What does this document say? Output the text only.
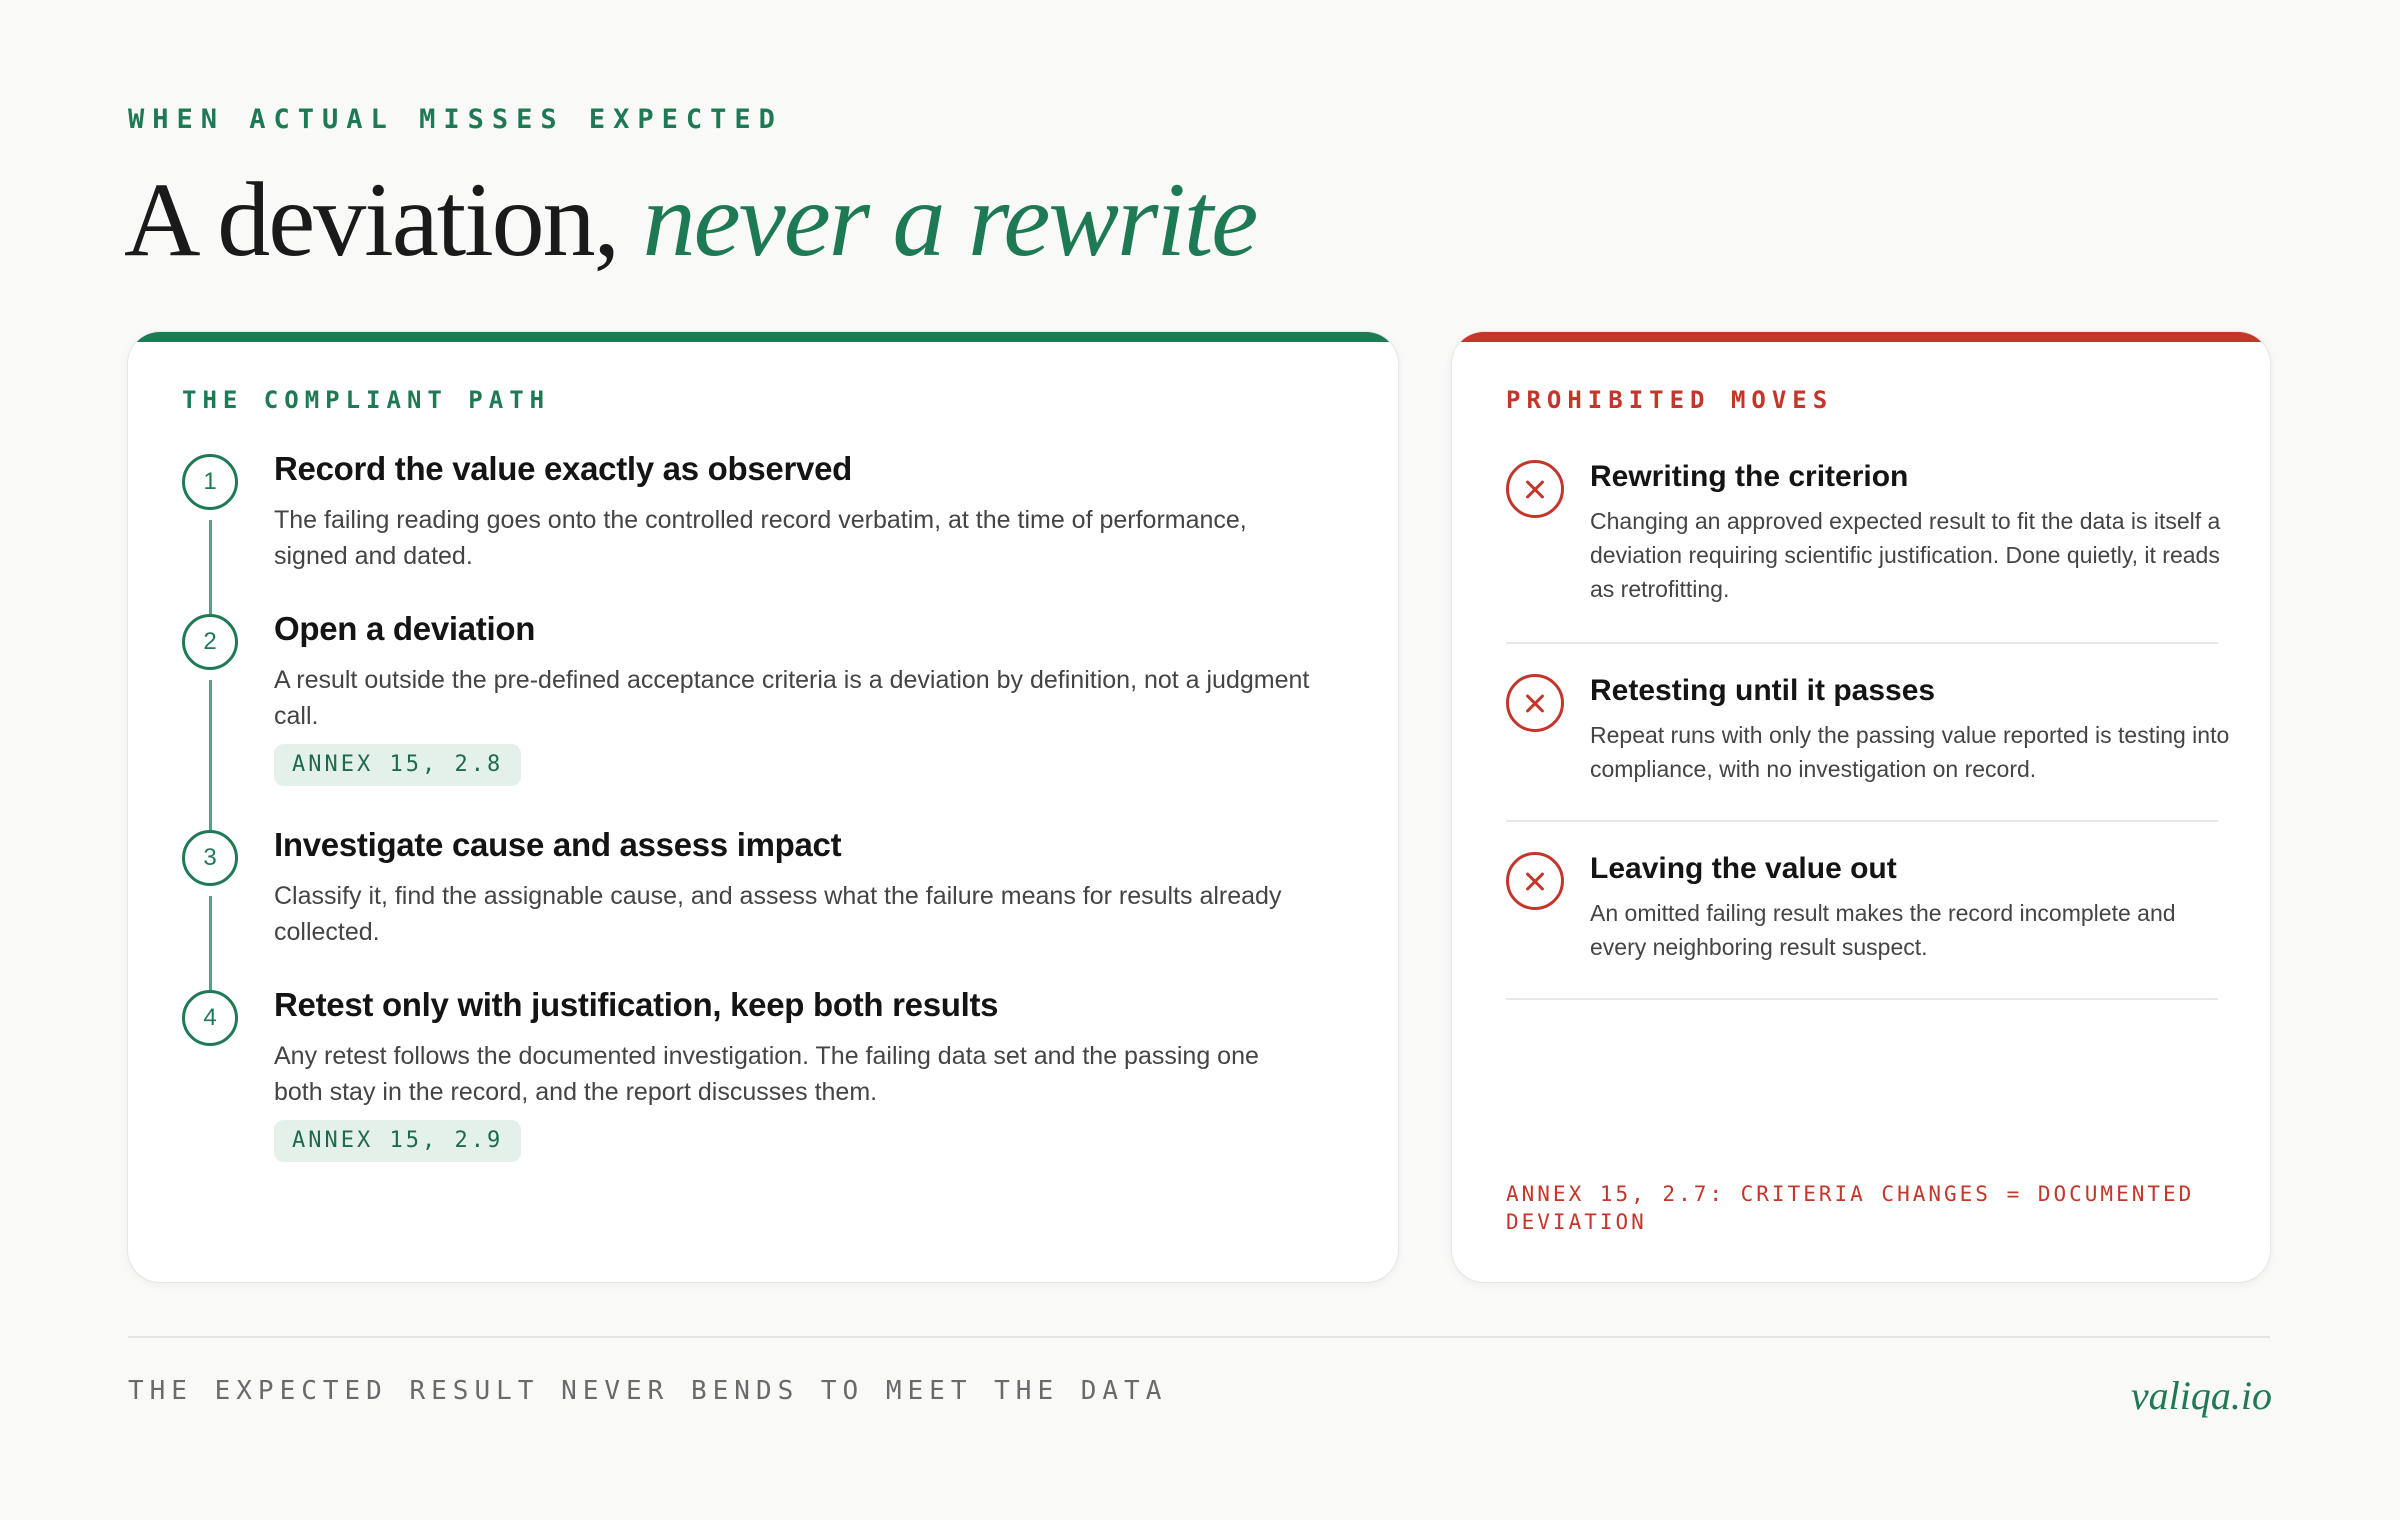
WHEN ACTUAL MISSES EXPECTED
A deviation, never a rewrite
THE COMPLIANT PATH
1	Record the value exactly as observed
The failing reading goes onto the controlled record verbatim, at the time of performance, signed and dated.
2	Open a deviation
A result outside the pre-defined acceptance criteria is a deviation by definition, not a judgment call.
ANNEX 15, 2.8
3	Investigate cause and assess impact
Classify it, find the assignable cause, and assess what the failure means for results already collected.
4	Retest only with justification, keep both results
Any retest follows the documented investigation. The failing data set and the passing one both stay in the record, and the report discusses them.
ANNEX 15, 2.9
PROHIBITED MOVES
Rewriting the criterion
Changing an approved expected result to fit the data is itself a deviation requiring scientific justification. Done quietly, it reads as retrofitting.
Retesting until it passes
Repeat runs with only the passing value reported is testing into compliance, with no investigation on record.
Leaving the value out
An omitted failing result makes the record incomplete and every neighboring result suspect.
ANNEX 15, 2.7: CRITERIA CHANGES = DOCUMENTED DEVIATION
THE EXPECTED RESULT NEVER BENDS TO MEET THE DATA	valiqa.io
